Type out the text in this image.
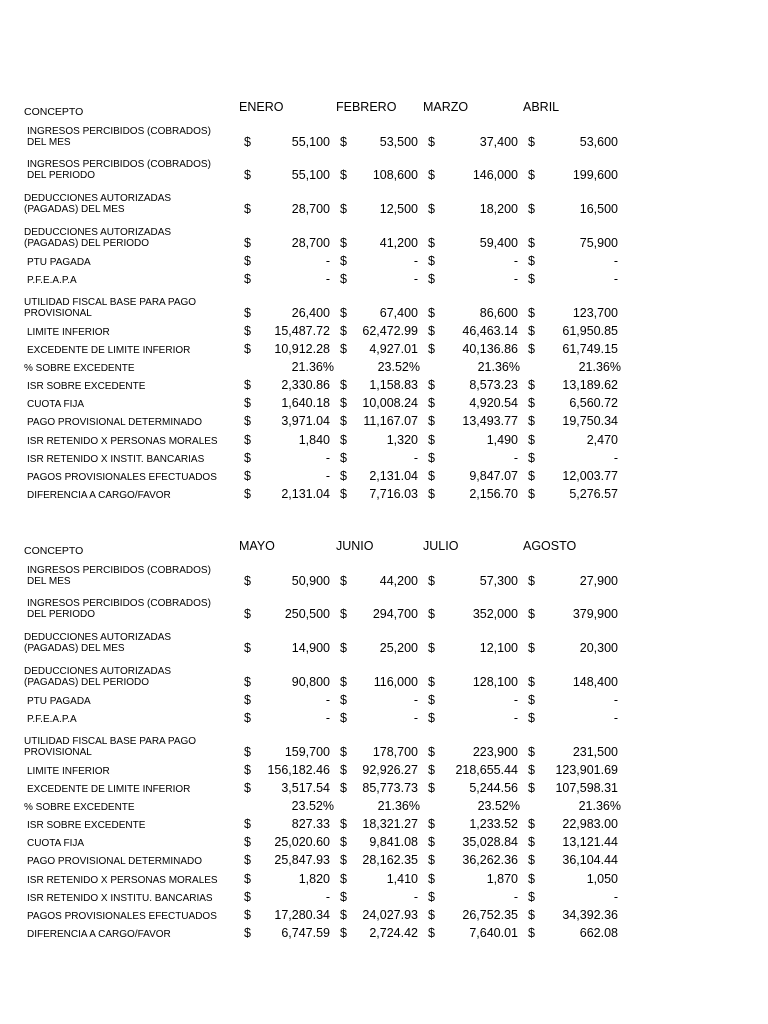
CONCEPTO	ENERO	FEBRERO MARZO	ABRIL
INGRESOS PERCIBIDOS (COBRADOS) DEL MES	$	55,100 $	53,500 $	37,400 $	53,600
INGRESOS PERCIBIDOS (COBRADOS) DEL PERIODO	$	55,100 $ 108,600 $	146,000 $	199,600
DEDUCCIONES AUTORIZADAS (PAGADAS) DEL MES	$	28,700 $	12,500 $	18,200 $	16,500
DEDUCCIONES AUTORIZADAS (PAGADAS) DEL PERIODO	$	28,700 $	41,200 $	59,400 $	75,900
PTU PAGADA	$	- $	- $	- $	-
P.F.E.A.P.A	$	- $	- $	- $	-
UTILIDAD FISCAL BASE PARA PAGO PROVISIONAL	$	26,400 $	67,400 $	86,600 $	123,700
LIMITE INFERIOR	$ 15,487.72 $ 62,472.99 $ 46,463.14 $ 61,950.85
EXCEDENTE DE LIMITE INFERIOR	$ 10,912.28 $ 4,927.01 $ 40,136.86 $ 61,749.15
% SOBRE EXCEDENTE	21.36%	23.52%	21.36%	21.36%
ISR SOBRE EXCEDENTE	$ 2,330.86 $ 1,158.83 $	8,573.23 $ 13,189.62
CUOTA FIJA	$ 1,640.18 $ 10,008.24 $	4,920.54 $	6,560.72
PAGO PROVISIONAL DETERMINADO	$ 3,971.04 $ 11,167.07 $ 13,493.77 $ 19,750.34
ISR RETENIDO X PERSONAS MORALES	$	1,840 $	1,320 $	1,490 $	2,470
ISR RETENIDO X INSTIT. BANCARIAS	$	- $	- $	- $	-
PAGOS PROVISIONALES EFECTUADOS	$	- $ 2,131.04 $	9,847.07 $ 12,003.77
DIFERENCIA A CARGO/FAVOR	$ 2,131.04 $ 7,716.03 $	2,156.70 $	5,276.57
CONCEPTO	MAYO	JUNIO	JULIO	AGOSTO
INGRESOS PERCIBIDOS (COBRADOS) DEL MES	$	50,900 $	44,200 $	57,300 $	27,900
INGRESOS PERCIBIDOS (COBRADOS) DEL PERIODO	$	250,500 $ 294,700 $	352,000 $	379,900
DEDUCCIONES AUTORIZADAS (PAGADAS) DEL MES	$	14,900 $	25,200 $	12,100 $	20,300
DEDUCCIONES AUTORIZADAS (PAGADAS) DEL PERIODO	$	90,800 $ 116,000 $	128,100 $	148,400
PTU PAGADA	$	- $	- $	- $	-
P.F.E.A.P.A	$	- $	- $	- $	-
UTILIDAD FISCAL BASE PARA PAGO PROVISIONAL	$	159,700 $ 178,700 $	223,900 $	231,500
LIMITE INFERIOR	$ 156,182.46 $ 92,926.27 $ 218,655.44 $ 123,901.69
EXCEDENTE DE LIMITE INFERIOR	$ 3,517.54 $ 85,773.73 $	5,244.56 $ 107,598.31
% SOBRE EXCEDENTE	23.52%	21.36%	23.52%	21.36%
ISR SOBRE EXCEDENTE	$	827.33 $ 18,321.27 $	1,233.52 $ 22,983.00
CUOTA FIJA	$ 25,020.60 $ 9,841.08 $ 35,028.84 $ 13,121.44
PAGO PROVISIONAL DETERMINADO	$ 25,847.93 $ 28,162.35 $ 36,262.36 $ 36,104.44
ISR RETENIDO X PERSONAS MORALES	$	1,820 $	1,410 $	1,870 $	1,050
ISR RETENIDO X INSTITU. BANCARIAS	$	- $	- $	- $	-
PAGOS PROVISIONALES EFECTUADOS	$ 17,280.34 $ 24,027.93 $ 26,752.35 $ 34,392.36
DIFERENCIA A CARGO/FAVOR	$ 6,747.59 $ 2,724.42 $	7,640.01 $	662.08
